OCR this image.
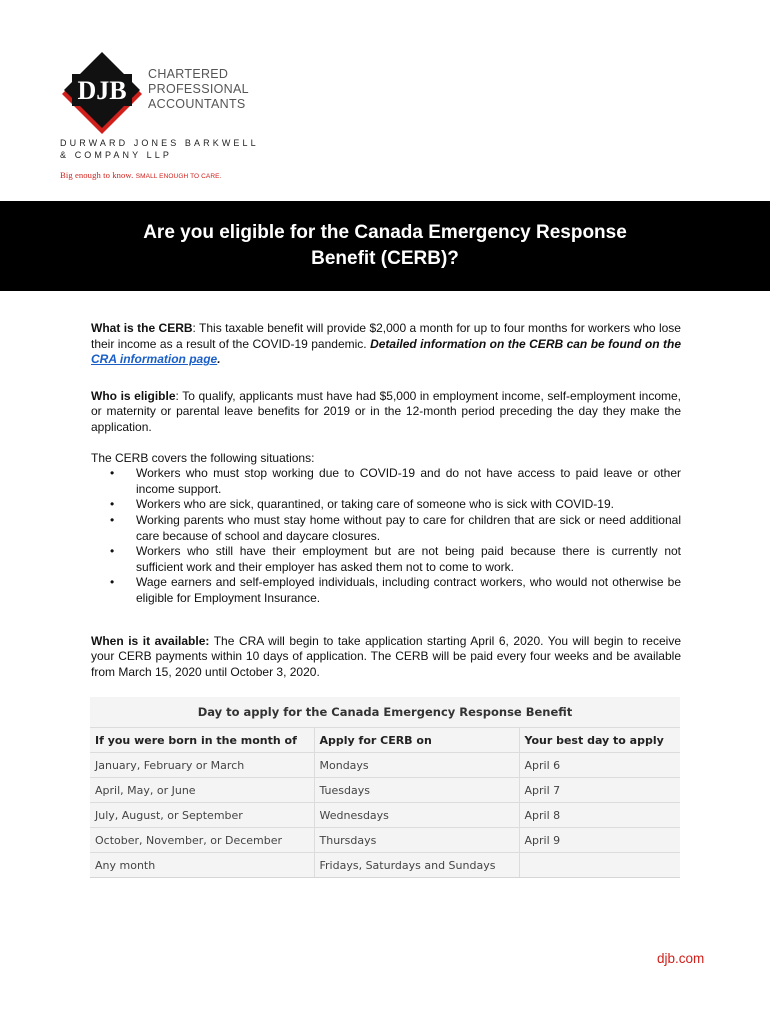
DJB
CHARTERED
PROFESSIONAL
ACCOUNTANTS
DURWARD JONES BARKWELL
& COMPANY LLP
Big enough to know. SMALL ENOUGH TO CARE.
Are you eligible for the Canada Emergency Response Benefit (CERB)?

What is the CERB: This taxable benefit will provide $2,000 a month for up to four months for workers who lose their income as a result of the COVID-19 pandemic. Detailed information on the CERB can be found on the CRA information page.

Who is eligible: To qualify, applicants must have had $5,000 in employment income, self-employment income, or maternity or parental leave benefits for 2019 or in the 12-month period preceding the day they make the application.

The CERB covers the following situations:

• Workers who must stop working due to COVID-19 and do not have access to paid leave or other income support.
• Workers who are sick, quarantined, or taking care of someone who is sick with COVID-19.
• Working parents who must stay home without pay to care for children that are sick or need additional care because of school and daycare closures.
• Workers who still have their employment but are not being paid because there is currently not sufficient work and their employer has asked them not to come to work.
• Wage earners and self-employed individuals, including contract workers, who would not otherwise be eligible for Employment Insurance.

When is it available: The CRA will begin to take application starting April 6, 2020. You will begin to receive your CERB payments within 10 days of application. The CERB will be paid every four weeks and be available from March 15, 2020 until October 3, 2020.

Day to apply for the Canada Emergency Response Benefit
If you were born in the month of	Apply for CERB on	Your best day to apply
January, February or March	Mondays	April 6
April, May, or June	Tuesdays	April 7
July, August, or September	Wednesdays	April 8
October, November, or December	Thursdays	April 9
Any month	Fridays, Saturdays and Sundays	
djb.com
